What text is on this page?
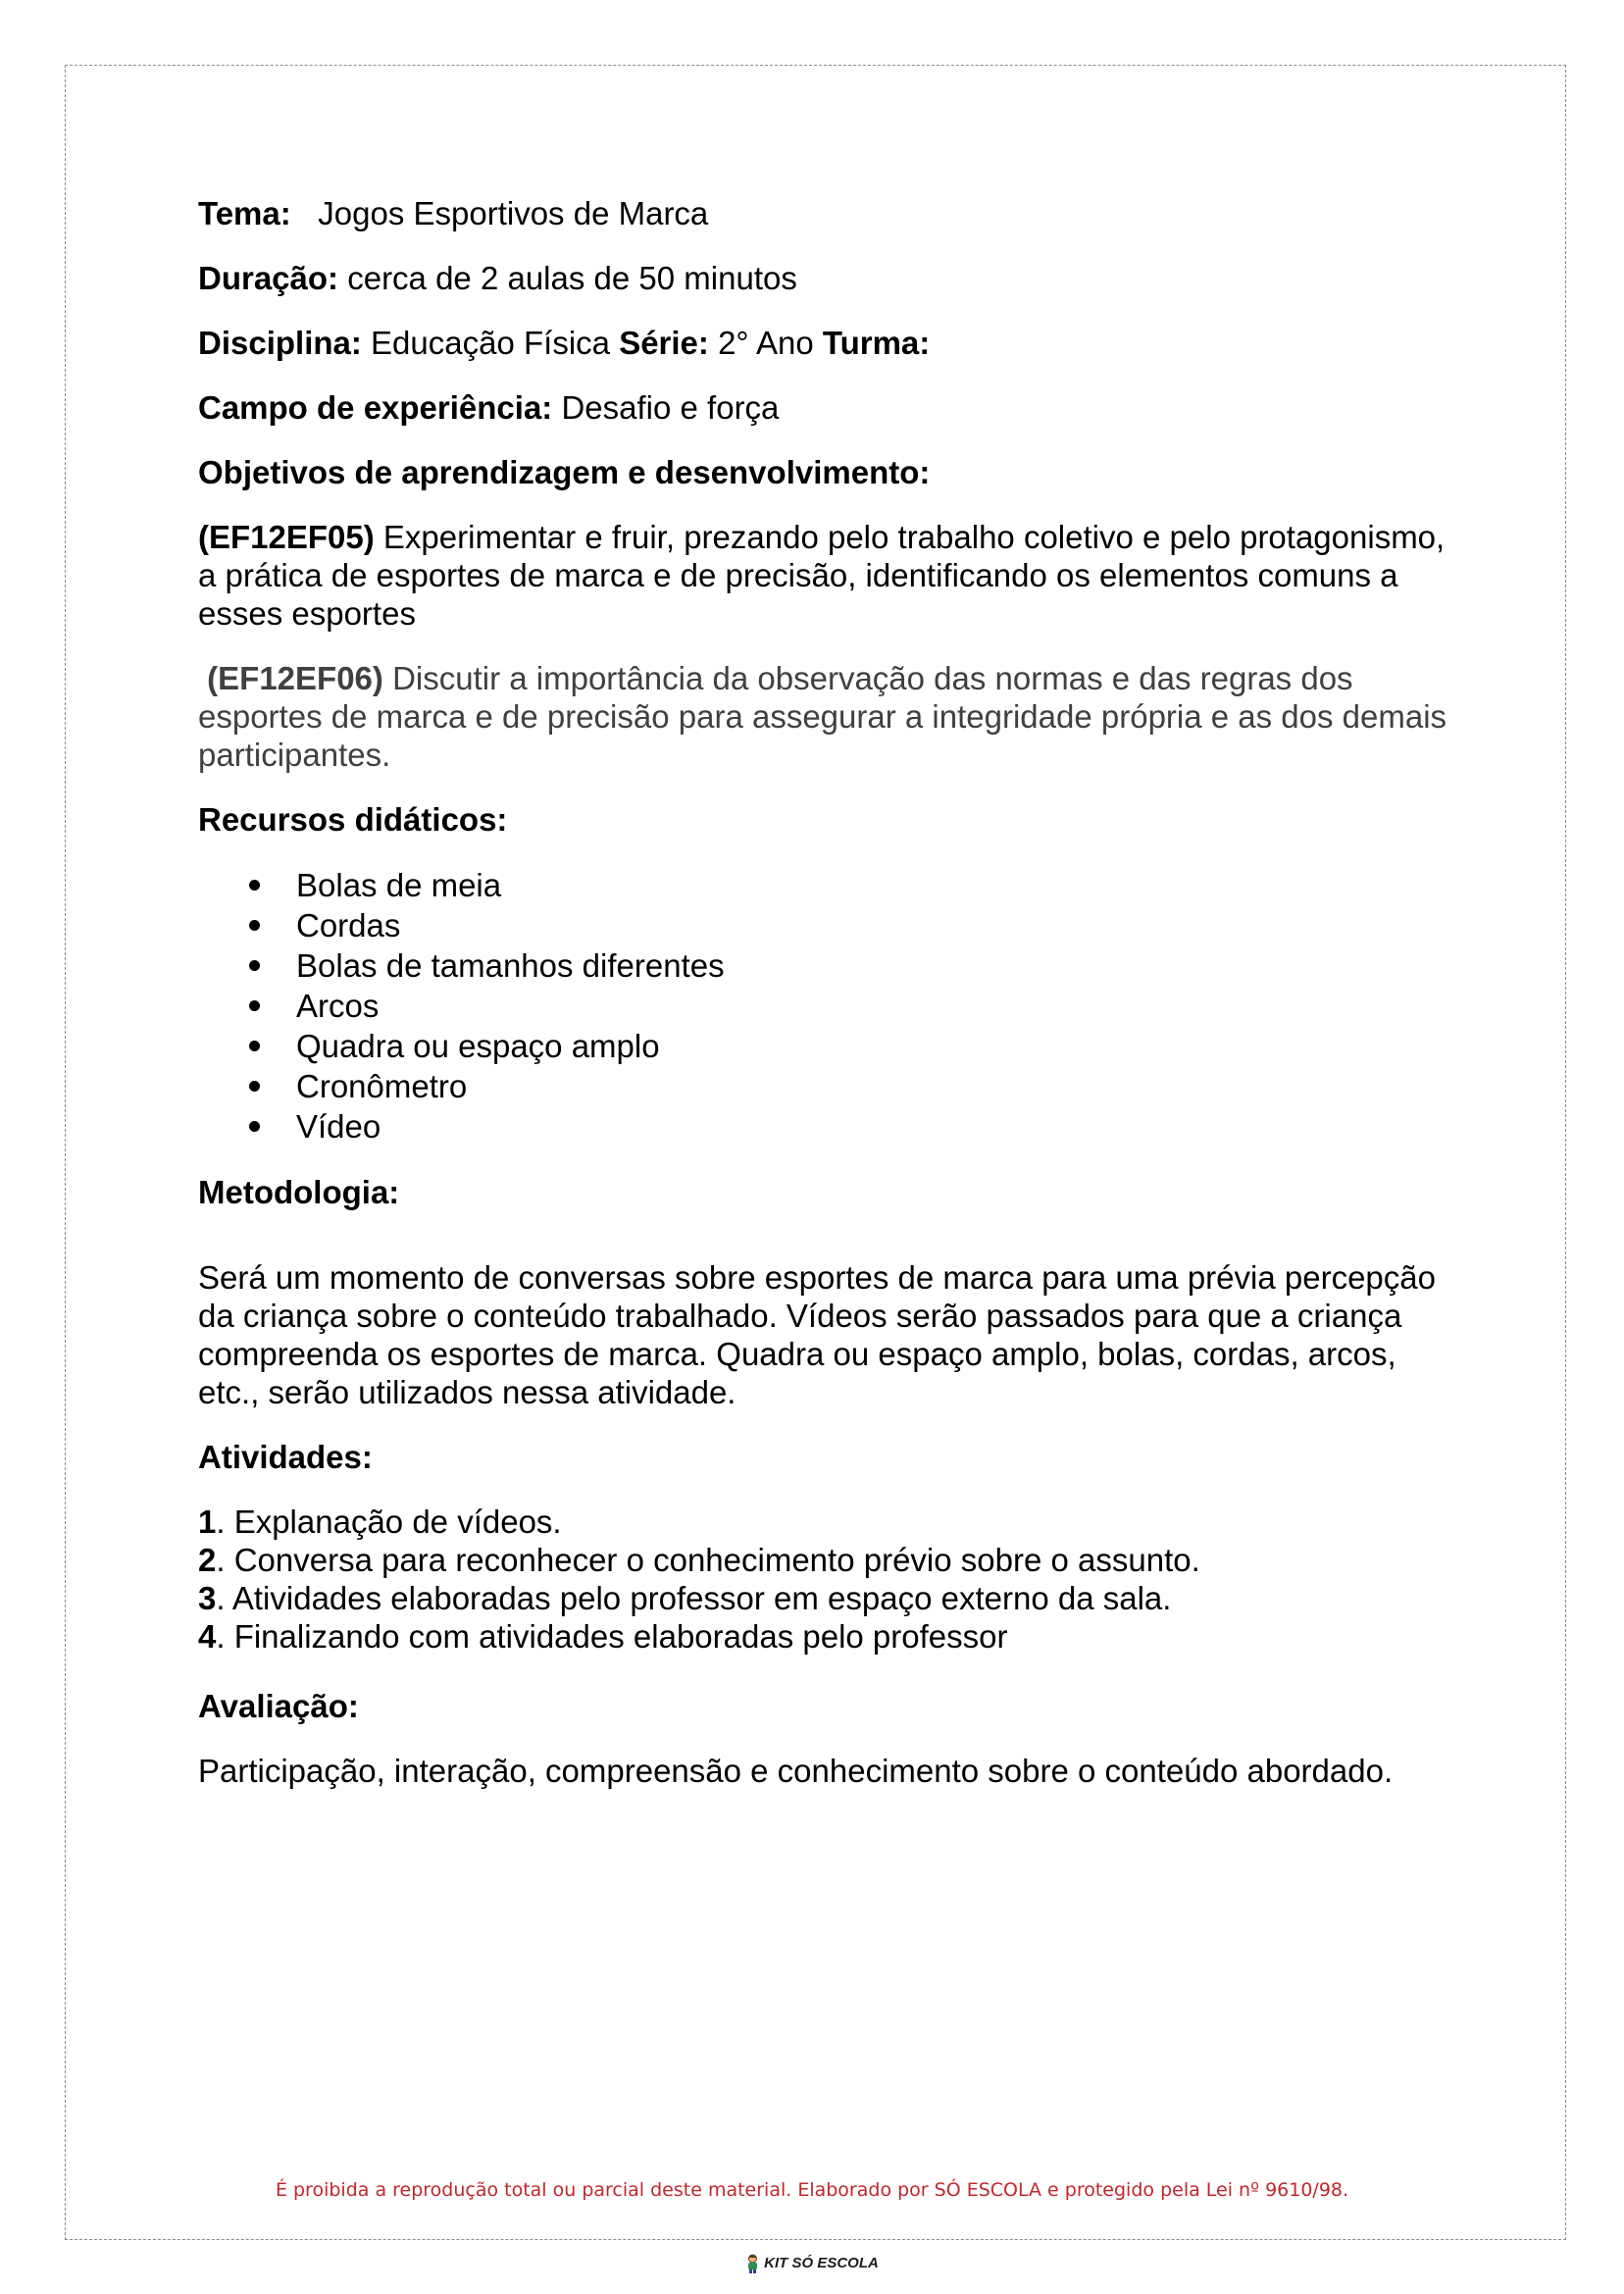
Tema: Jogos Esportivos de Marca

Duração: cerca de 2 aulas de 50 minutos

Disciplina: Educação Física Série: 2° Ano Turma:

Campo de experiência: Desafio e força

Objetivos de aprendizagem e desenvolvimento:

(EF12EF05) Experimentar e fruir, prezando pelo trabalho coletivo e pelo protagonismo, a prática de esportes de marca e de precisão, identificando os elementos comuns a esses esportes

(EF12EF06) Discutir a importância da observação das normas e das regras dos esportes de marca e de precisão para assegurar a integridade própria e as dos demais participantes.

Recursos didáticos:

Bolas de meia
Cordas
Bolas de tamanhos diferentes
Arcos
Quadra ou espaço amplo
Cronômetro
Vídeo

Metodologia:

Será um momento de conversas sobre esportes de marca para uma prévia percepção da criança sobre o conteúdo trabalhado. Vídeos serão passados para que a criança compreenda os esportes de marca. Quadra ou espaço amplo, bolas, cordas, arcos, etc., serão utilizados nessa atividade.

Atividades:

1. Explanação de vídeos.

2. Conversa para reconhecer o conhecimento prévio sobre o assunto.

3. Atividades elaboradas pelo professor em espaço externo da sala.

4. Finalizando com atividades elaboradas pelo professor

Avaliação:

Participação, interação, compreensão e conhecimento sobre o conteúdo abordado.

É proibida a reprodução total ou parcial deste material. Elaborado por SÓ ESCOLA e protegido pela Lei nº 9610/98.
KIT SÓ ESCOLA
